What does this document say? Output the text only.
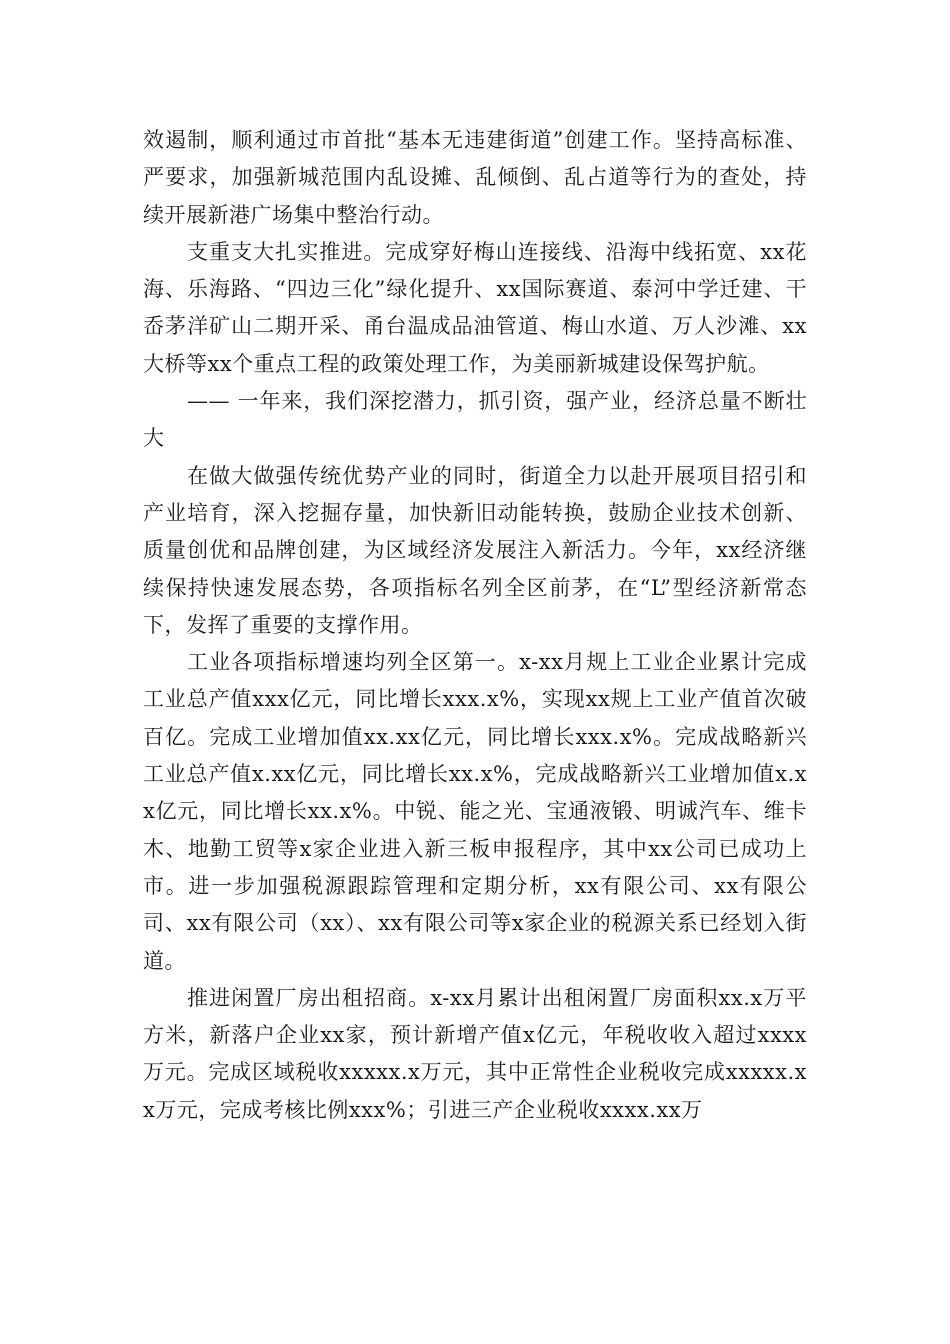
效遏制，顺利通过市首批“基本无违建街道”创建工作。坚持高标准、严要求，加强新城范围内乱设摊、乱倾倒、乱占道等行为的查处，持续开展新港广场集中整治行动。

支重支大扎实推进。完成穿好梅山连接线、沿海中线拓宽、xx花海、乐海路、“四边三化”绿化提升、xx国际赛道、泰河中学迁建、干岙茅洋矿山二期开采、甬台温成品油管道、梅山水道、万人沙滩、xx大桥等xx个重点工程的政策处理工作，为美丽新城建设保驾护航。

—— 一年来，我们深挖潜力，抓引资，强产业，经济总量不断壮大

在做大做强传统优势产业的同时，街道全力以赴开展项目招引和产业培育，深入挖掘存量，加快新旧动能转换，鼓励企业技术创新、质量创优和品牌创建，为区域经济发展注入新活力。今年，xx经济继续保持快速发展态势，各项指标名列全区前茅，在“L”型经济新常态下，发挥了重要的支撑作用。

工业各项指标增速均列全区第一。x-xx月规上工业企业累计完成工业总产值xxx亿元，同比增长xxx.x%，实现xx规上工业产值首次破百亿。完成工业增加值xx.xx亿元，同比增长xxx.x%。完成战略新兴工业总产值x.xx亿元，同比增长xx.x%，完成战略新兴工业增加值x.xx亿元，同比增长xx.x%。中锐、能之光、宝通液锻、明诚汽车、维卡木、地勤工贸等x家企业进入新三板申报程序，其中xx公司已成功上市。进一步加强税源跟踪管理和定期分析，xx有限公司、xx有限公司、xx有限公司（xx）、xx有限公司等x家企业的税源关系已经划入街道。

推进闲置厂房出租招商。x-xx月累计出租闲置厂房面积xx.x万平方米，新落户企业xx家，预计新增产值x亿元，年税收收入超过xxxx万元。完成区域税收xxxxx.x万元，其中正常性企业税收完成xxxxx.xx万元，完成考核比例xxx%；引进三产企业税收xxxx.xx万
